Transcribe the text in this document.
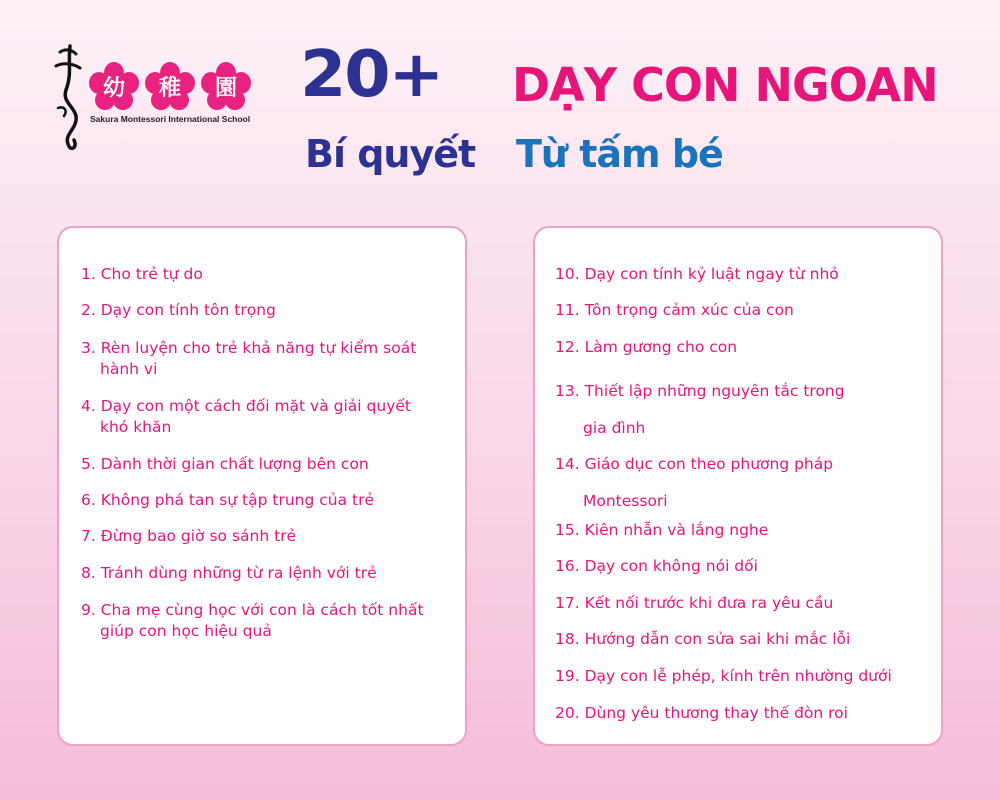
幼 稚 園
Sakura Montessori International School
20+
Bí quyết
DẠY CON NGOAN
Từ tấm bé

1. Cho trẻ tự do

2. Dạy con tính tôn trọng

3. Rèn luyện cho trẻ khả năng tự kiểm soát
hành vi

4. Dạy con một cách đối mặt và giải quyết
khó khăn

5. Dành thời gian chất lượng bên con

6. Không phá tan sự tập trung của trẻ

7. Đừng bao giờ so sánh trẻ

8. Tránh dùng những từ ra lệnh với trẻ

9. Cha mẹ cùng học với con là cách tốt nhất
giúp con học hiệu quả

10. Dạy con tính kỷ luật ngay từ nhỏ

11. Tôn trọng cảm xúc của con

12. Làm gương cho con

13. Thiết lập những nguyên tắc trong
gia đình

14. Giáo dục con theo phương pháp
Montessori

15. Kiên nhẫn và lắng nghe

16. Dạy con không nói dối

17. Kết nối trước khi đưa ra yêu cầu

18. Hướng dẫn con sửa sai khi mắc lỗi

19. Dạy con lễ phép, kính trên nhường dưới

20. Dùng yêu thương thay thế đòn roi
